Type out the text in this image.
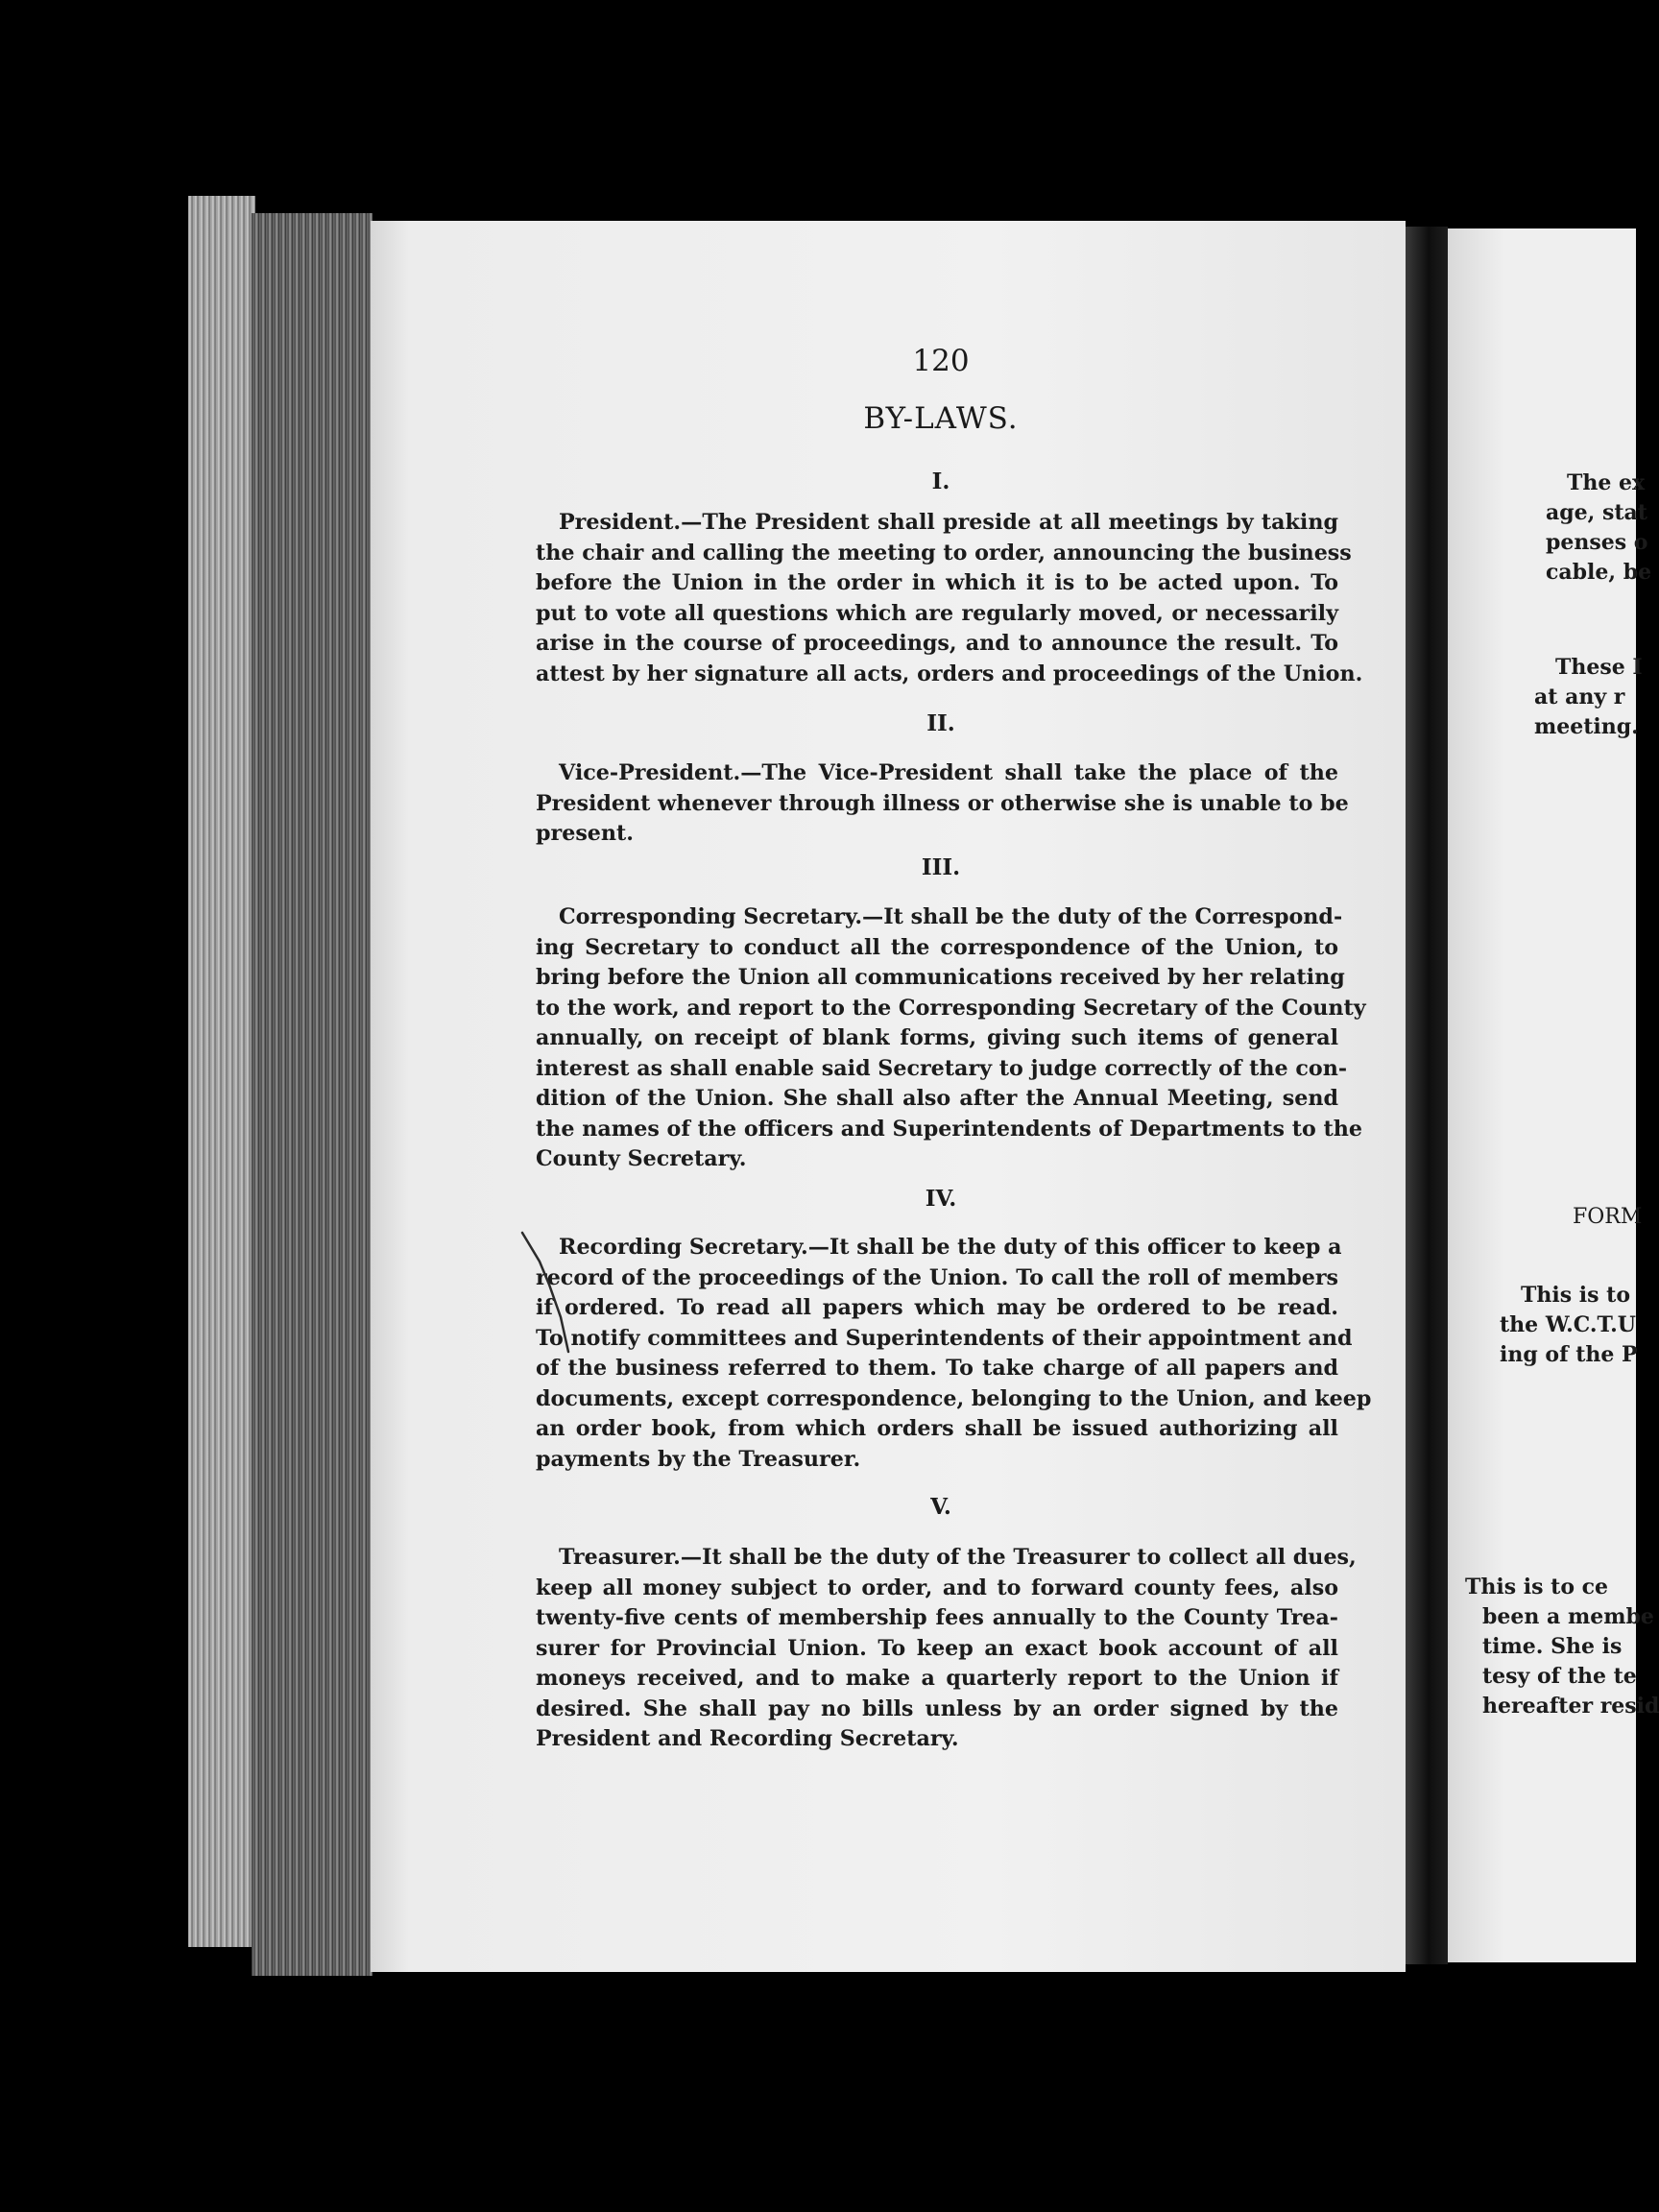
The ex
age, stat
penses o
cable, be
These I
at any r
meeting.
FORM
This is to
the W.C.T.U
ing of the P
This is to ce
been a membe
time. She is
tesy of the te
hereafter resid
120
BY-LAWS.
I.
President.—The President shall preside at all meetings by taking
the chair and calling the meeting to order, announcing the business
before the Union in the order in which it is to be acted upon. To
put to vote all questions which are regularly moved, or necessarily
arise in the course of proceedings, and to announce the result. To
attest by her signature all acts, orders and proceedings of the Union.
II.
Vice-President.—The Vice-President shall take the place of the
President whenever through illness or otherwise she is unable to be
present.
III.
Corresponding Secretary.—It shall be the duty of the Correspond-
ing Secretary to conduct all the correspondence of the Union, to
bring before the Union all communications received by her relating
to the work, and report to the Corresponding Secretary of the County
annually, on receipt of blank forms, giving such items of general
interest as shall enable said Secretary to judge correctly of the con-
dition of the Union. She shall also after the Annual Meeting, send
the names of the officers and Superintendents of Departments to the
County Secretary.
IV.
Recording Secretary.—It shall be the duty of this officer to keep a
record of the proceedings of the Union. To call the roll of members
if ordered. To read all papers which may be ordered to be read.
To notify committees and Superintendents of their appointment and
of the business referred to them. To take charge of all papers and
documents, except correspondence, belonging to the Union, and keep
an order book, from which orders shall be issued authorizing all
payments by the Treasurer.
V.
Treasurer.—It shall be the duty of the Treasurer to collect all dues,
keep all money subject to order, and to forward county fees, also
twenty-five cents of membership fees annually to the County Trea-
surer for Provincial Union. To keep an exact book account of all
moneys received, and to make a quarterly report to the Union if
desired. She shall pay no bills unless by an order signed by the
President and Recording Secretary.
